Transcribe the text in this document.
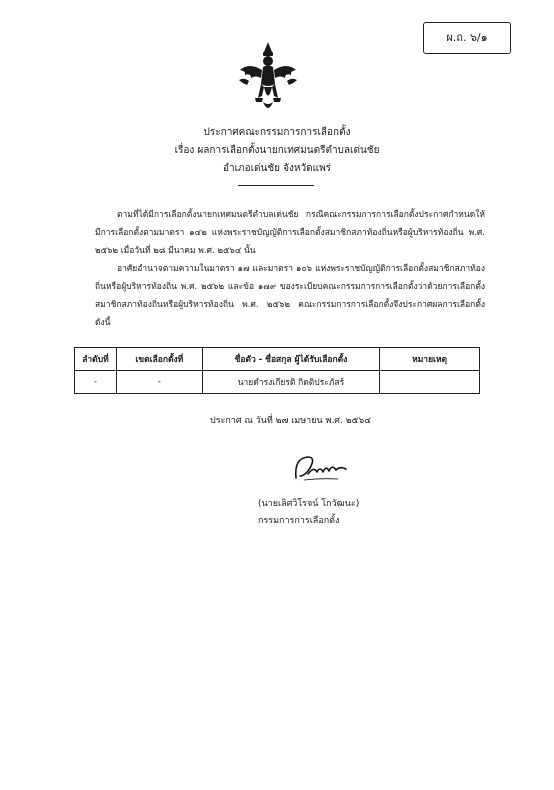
ผ.ถ. ๖/๑
ประกาศคณะกรรมการการเลือกตั้ง
เรื่อง ผลการเลือกตั้งนายกเทศมนตรีตำบลเด่นชัย
อำเภอเด่นชัย จังหวัดแพร่
ตามที่ได้มีการเลือกตั้งนายกเทศมนตรีตำบลเด่นชัย กรณีคณะกรรมการการเลือกตั้งประกาศกำหนดให้มีการเลือกตั้งตามมาตรา ๑๔๒ แห่งพระราชบัญญัติการเลือกตั้งสมาชิกสภาท้องถิ่นหรือผู้บริหารท้องถิ่น พ.ศ. ๒๕๖๒ เมื่อวันที่ ๒๘ มีนาคม พ.ศ. ๒๕๖๔ นั้น
อาศัยอำนาจตามความในมาตรา ๑๗ และมาตรา ๑๐๖ แห่งพระราชบัญญัติการเลือกตั้งสมาชิกสภาท้องถิ่นหรือผู้บริหารท้องถิ่น พ.ศ. ๒๕๖๒ และข้อ ๑๗๙ ของระเบียบคณะกรรมการการเลือกตั้งว่าด้วยการเลือกตั้งสมาชิกสภาท้องถิ่นหรือผู้บริหารท้องถิ่น พ.ศ. ๒๕๖๒ คณะกรรมการการเลือกตั้งจึงประกาศผลการเลือกตั้ง ดังนี้
ลำดับที่	เขตเลือกตั้งที่	ชื่อตัว - ชื่อสกุล ผู้ได้รับเลือกตั้ง	หมายเหตุ
-	-	นายดำรงเกียรติ กิตติประภัสร์	
ประกาศ ณ วันที่ ๒๗ เมษายน พ.ศ. ๒๕๖๔
(นายเลิศวิโรจน์ โกวัฒนะ)
กรรมการการเลือกตั้ง
